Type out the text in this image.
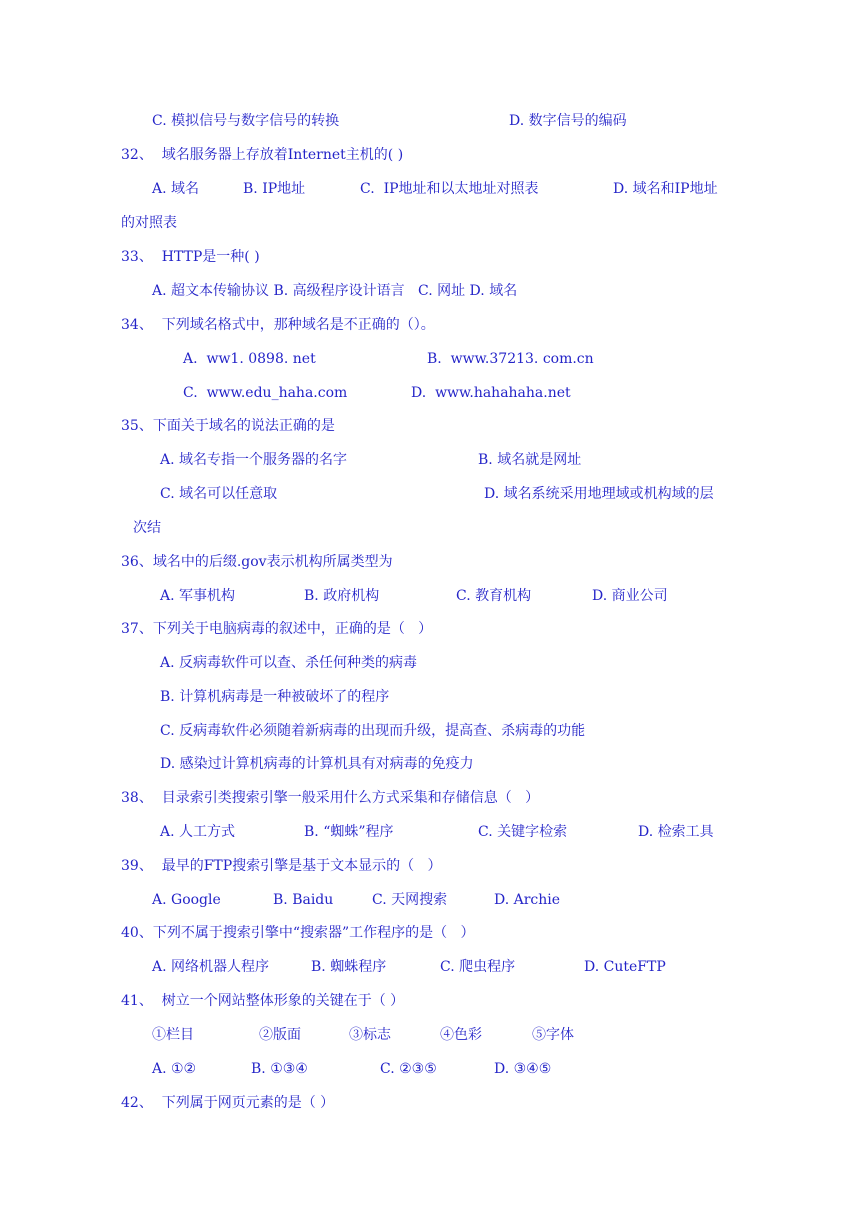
C. 模拟信号与数字信号的转换	D. 数字信号的编码
32、  域名服务器上存放着Internet主机的( )
A. 域名	B. IP地址	C.  IP地址和以太地址对照表	D. 域名和IP地址
的对照表
33、  HTTP是一种( )
A. 超文本传输协议 B. 高级程序设计语言   C. 网址 D. 域名
34、  下列域名格式中，那种域名是不正确的（）。
A.  ww1. 0898. net	B.  www.37213. com.cn
C.  www.edu_haha.com	D.  www.hahahaha.net
35、下面关于域名的说法正确的是
A. 域名专指一个服务器的名字	B. 域名就是网址
C. 域名可以任意取	D. 域名系统采用地理域或机构域的层
次结
36、域名中的后缀.gov表示机构所属类型为
A. 军事机构	B. 政府机构	C. 教育机构	D. 商业公司
37、下列关于电脑病毒的叙述中，正确的是（   ）
A. 反病毒软件可以查、杀任何种类的病毒
B. 计算机病毒是一种被破坏了的程序
C. 反病毒软件必须随着新病毒的出现而升级，提高查、杀病毒的功能
D. 感染过计算机病毒的计算机具有对病毒的免疫力
38、  目录索引类搜索引擎一般采用什么方式采集和存储信息（   ）
A. 人工方式	B. “蜘蛛”程序	C. 关键字检索	D. 检索工具
39、  最早的FTP搜索引擎是基于文本显示的（   ）
A. Google	B. Baidu	C. 天网搜索	D. Archie
40、下列不属于搜索引擎中“搜索器”工作程序的是（   ）
A. 网络机器人程序	B. 蜘蛛程序	C. 爬虫程序	D. CuteFTP
41、  树立一个网站整体形象的关键在于（ ）
①栏目	②版面	③标志	④色彩	⑤字体
A. ①②	B. ①③④	C. ②③⑤	D. ③④⑤
42、  下列属于网页元素的是（ ）
